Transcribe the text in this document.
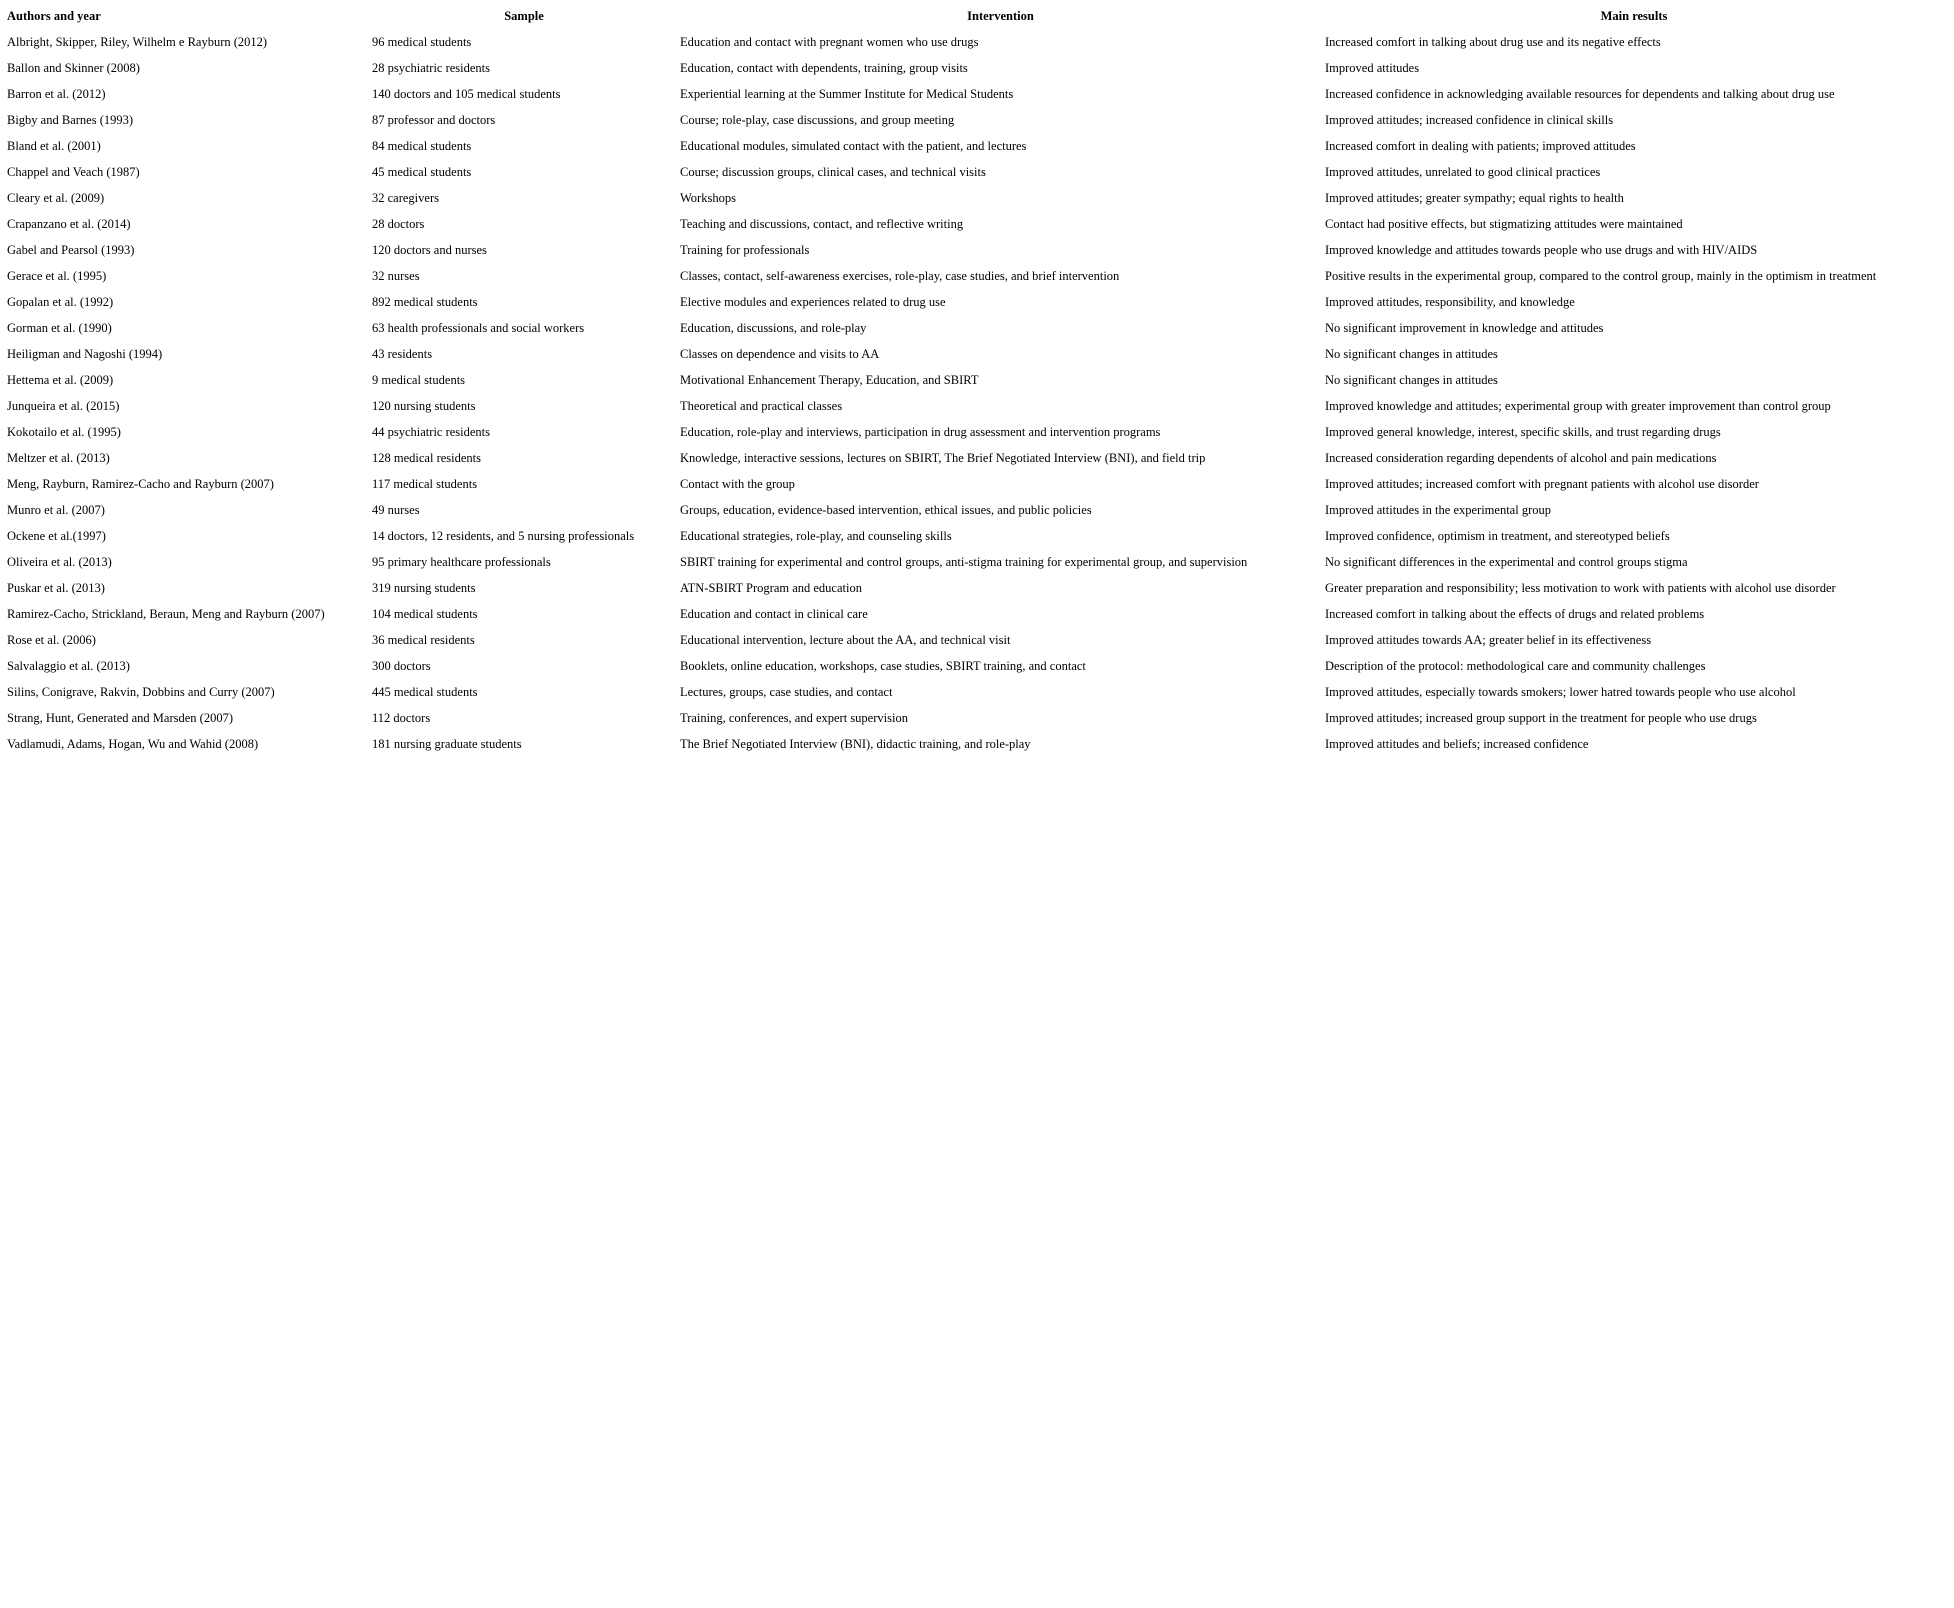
Authors and year	Sample	Intervention	Main results
Albright, Skipper, Riley, Wilhelm e Rayburn (2012)	96 medical students	Education and contact with pregnant women who use drugs	Increased comfort in talking about drug use and its negative effects
Ballon and Skinner (2008)	28 psychiatric residents	Education, contact with dependents, training, group visits	Improved attitudes
Barron et al. (2012)	140 doctors and 105 medical students	Experiential learning at the Summer Institute for Medical Students	Increased confidence in acknowledging available resources for dependents and talking about drug use
Bigby and Barnes (1993)	87 professor and doctors	Course; role-play, case discussions, and group meeting	Improved attitudes; increased confidence in clinical skills
Bland et al. (2001)	84 medical students	Educational modules, simulated contact with the patient, and lectures	Increased comfort in dealing with patients; improved attitudes
Chappel and Veach (1987)	45 medical students	Course; discussion groups, clinical cases, and technical visits	Improved attitudes, unrelated to good clinical practices
Cleary et al. (2009)	32 caregivers	Workshops	Improved attitudes; greater sympathy; equal rights to health
Crapanzano et al. (2014)	28 doctors	Teaching and discussions, contact, and reflective writing	Contact had positive effects, but stigmatizing attitudes were maintained
Gabel and Pearsol (1993)	120 doctors and nurses	Training for professionals	Improved knowledge and attitudes towards people who use drugs and with HIV/AIDS
Gerace et al. (1995)	32 nurses	Classes, contact, self-awareness exercises, role-play, case studies, and brief intervention	Positive results in the experimental group, compared to the control group, mainly in the optimism in treatment
Gopalan et al. (1992)	892 medical students	Elective modules and experiences related to drug use	Improved attitudes, responsibility, and knowledge
Gorman et al. (1990)	63 health professionals and social workers	Education, discussions, and role-play	No significant improvement in knowledge and attitudes
Heiligman and Nagoshi (1994)	43 residents	Classes on dependence and visits to AA	No significant changes in attitudes
Hettema et al. (2009)	9 medical students	Motivational Enhancement Therapy, Education, and SBIRT	No significant changes in attitudes
Junqueira et al. (2015)	120 nursing students	Theoretical and practical classes	Improved knowledge and attitudes; experimental group with greater improvement than control group
Kokotailo et al. (1995)	44 psychiatric residents	Education, role-play and interviews, participation in drug assessment and intervention programs	Improved general knowledge, interest, specific skills, and trust regarding drugs
Meltzer et al. (2013)	128 medical residents	Knowledge, interactive sessions, lectures on SBIRT, The Brief Negotiated Interview (BNI), and field trip	Increased consideration regarding dependents of alcohol and pain medications
Meng, Rayburn, Ramirez-Cacho and Rayburn (2007)	117 medical students	Contact with the group	Improved attitudes; increased comfort with pregnant patients with alcohol use disorder
Munro et al. (2007)	49 nurses	Groups, education, evidence-based intervention, ethical issues, and public policies	Improved attitudes in the experimental group
Ockene et al.(1997)	14 doctors, 12 residents, and 5 nursing professionals	Educational strategies, role-play, and counseling skills	Improved confidence, optimism in treatment, and stereotyped beliefs
Oliveira et al. (2013)	95 primary healthcare professionals	SBIRT training for experimental and control groups, anti-stigma training for experimental group, and supervision	No significant differences in the experimental and control groups stigma
Puskar et al. (2013)	319 nursing students	ATN-SBIRT Program and education	Greater preparation and responsibility; less motivation to work with patients with alcohol use disorder
Ramirez-Cacho, Strickland, Beraun, Meng and Rayburn (2007)	104 medical students	Education and contact in clinical care	Increased comfort in talking about the effects of drugs and related problems
Rose et al. (2006)	36 medical residents	Educational intervention, lecture about the AA, and technical visit	Improved attitudes towards AA; greater belief in its effectiveness
Salvalaggio et al. (2013)	300 doctors	Booklets, online education, workshops, case studies, SBIRT training, and contact	Description of the protocol: methodological care and community challenges
Silins, Conigrave, Rakvin, Dobbins and Curry (2007)	445 medical students	Lectures, groups, case studies, and contact	Improved attitudes, especially towards smokers; lower hatred towards people who use alcohol
Strang, Hunt, Generated and Marsden (2007)	112 doctors	Training, conferences, and expert supervision	Improved attitudes; increased group support in the treatment for people who use drugs
Vadlamudi, Adams, Hogan, Wu and Wahid (2008)	181 nursing graduate students	The Brief Negotiated Interview (BNI), didactic training, and role-play	Improved attitudes and beliefs; increased confidence
